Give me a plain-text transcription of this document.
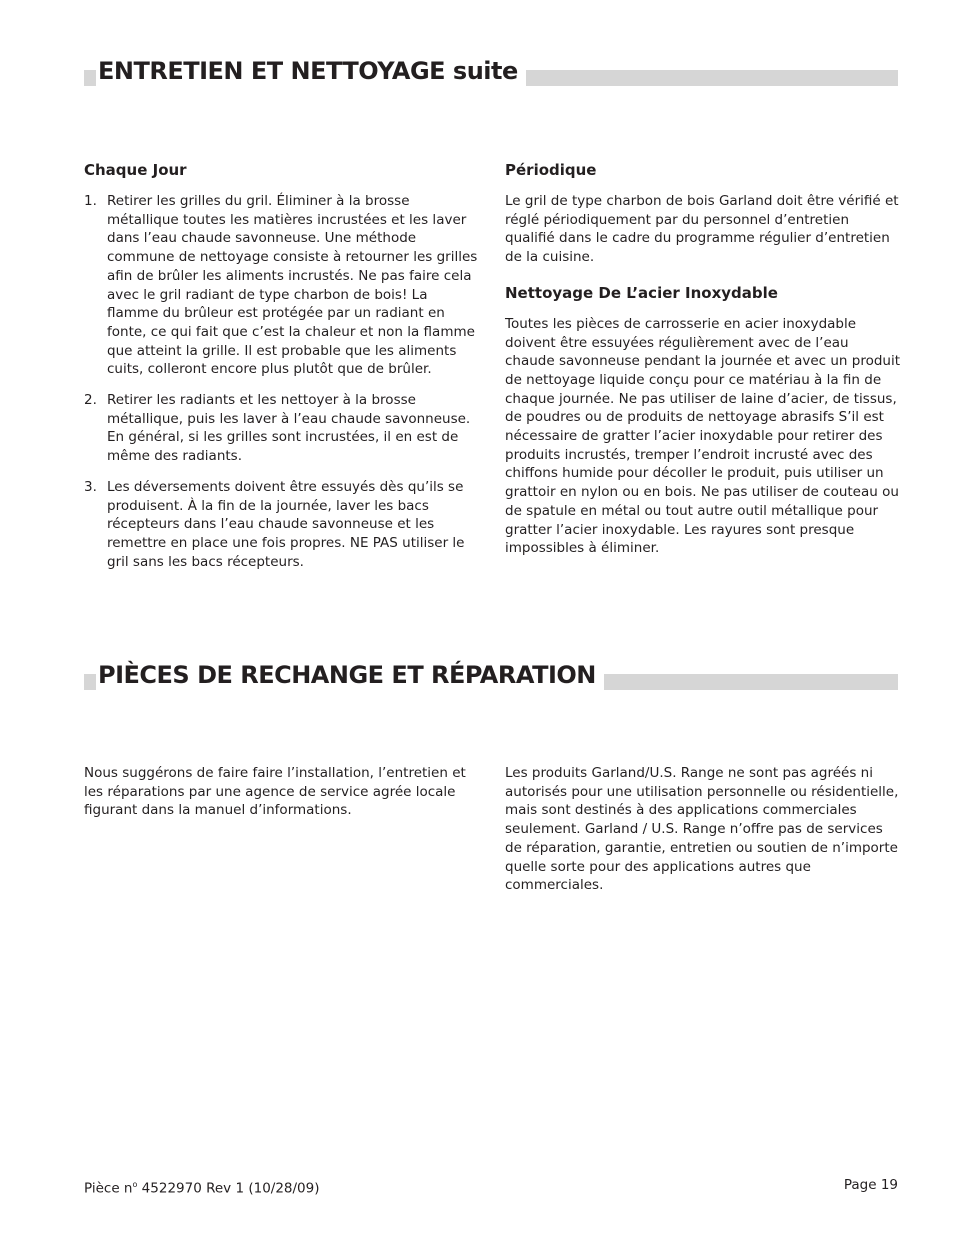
ENTRETIEN ET NETTOYAGE suite
Chaque Jour
1. Retirer les grilles du gril. Éliminer à la brosse métallique toutes les matières incrustées et les laver dans l’eau chaude savonneuse. Une méthode commune de nettoyage consiste à retourner les grilles afin de brûler les aliments incrustés. Ne pas faire cela avec le gril radiant de type charbon de bois! La flamme du brûleur est protégée par un radiant en fonte, ce qui fait que c’est la chaleur et non la flamme que atteint la grille. Il est probable que les aliments cuits, colleront encore plus plutôt que de brûler.
2. Retirer les radiants et les nettoyer à la brosse métallique, puis les laver à l’eau chaude savonneuse. En général, si les grilles sont incrustées, il en est de même des radiants.
3. Les déversements doivent être essuyés dès qu’ils se produisent. À la fin de la journée, laver les bacs récepteurs dans l’eau chaude savonneuse et les remettre en place une fois propres. NE PAS utiliser le gril sans les bacs récepteurs.
Périodique

Le gril de type charbon de bois Garland doit être vérifié et réglé périodiquement par du personnel d’entretien qualifié dans le cadre du programme régulier d’entretien de la cuisine.

Nettoyage De L’acier Inoxydable

Toutes les pièces de carrosserie en acier inoxydable doivent être essuyées régulièrement avec de l’eau chaude savonneuse pendant la journée et avec un produit de nettoyage liquide conçu pour ce matériau à la fin de chaque journée. Ne pas utiliser de laine d’acier, de tissus, de poudres ou de produits de nettoyage abrasifs S’il est nécessaire de gratter l’acier inoxydable pour retirer des produits incrustés, tremper l’endroit incrusté avec des chiffons humide pour décoller le produit, puis utiliser un grattoir en nylon ou en bois. Ne pas utiliser de couteau ou de spatule en métal ou tout autre outil métallique pour gratter l’acier inoxydable. Les rayures sont presque impossibles à éliminer.

PIÈCES DE RECHANGE ET RÉPARATION

Nous suggérons de faire faire l’installation, l’entretien et les réparations par une agence de service agrée locale figurant dans la manuel d’informations.

Les produits Garland/U.S. Range ne sont pas agréés ni autorisés pour une utilisation personnelle ou résidentielle, mais sont destinés à des applications commerciales seulement. Garland / U.S. Range n’offre pas de services de réparation, garantie, entretien ou soutien de n’importe quelle sorte pour des applications autres que commerciales.

Pièce $n^o$ 4522970 Rev 1 (10/28/09)	Page 19
